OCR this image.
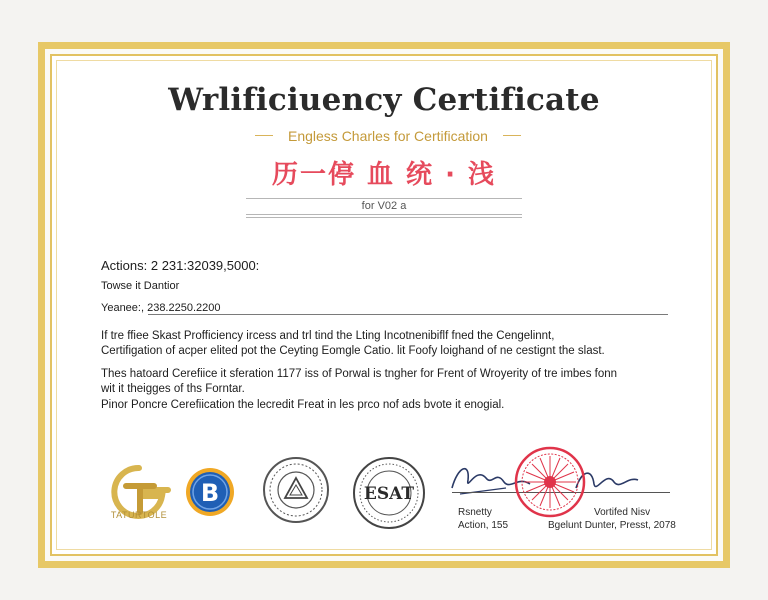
Wrlificiuency Certificate
Engless Charles for Certification
历一停 血 统 · 浅
for V02 a
Actions: 2 231:32039,5000:
Towse it Dantior
Yeanee:, 238.2250.2200
If tre ffiee Skast Profficiency ircess and trl tind the Lting Incotnenibiflf fned the Cengelinnt,
Certifigation of acper elited pot the Ceyting Eomgle Catio. lit Foofy loighand of ne cestignt the slast.
Thes hatoard Cerefiice it sferation 1177 iss of Porwal is tngher for Frent of Wroyerity of tre imbes fonn
wit it theigges of ths Forntar.
Pinor Poncre Cerefiication the lecredit Freat in les prco nof ads bvote it enogial.
TATURTOLE
B	ESAT
Rsnetty
Action, 155
Vortifed Nisv
Bgelunt Dunter, Presst, 2078
